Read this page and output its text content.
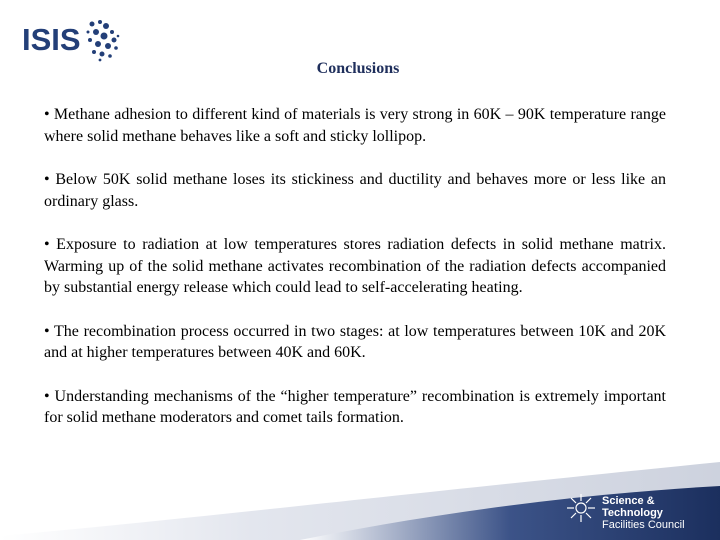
ISIS
Conclusions

• Methane adhesion to different kind of materials is very strong in 60K – 90K temperature range where solid methane behaves like a soft and sticky lollipop.

• Below 50K solid methane loses its stickiness and ductility and behaves more or less like an ordinary glass.

• Exposure to radiation at low temperatures stores radiation defects in solid methane matrix. Warming up of the solid methane activates recombination of the radiation defects accompanied by substantial energy release which could lead to self-accelerating heating.

• The recombination process occurred in two stages: at low temperatures between 10K and 20K and at higher temperatures between 40K and 60K.

• Understanding mechanisms of the “higher temperature” recombination is extremely important for solid methane moderators and comet tails formation.

Science & Technology
Facilities Council
